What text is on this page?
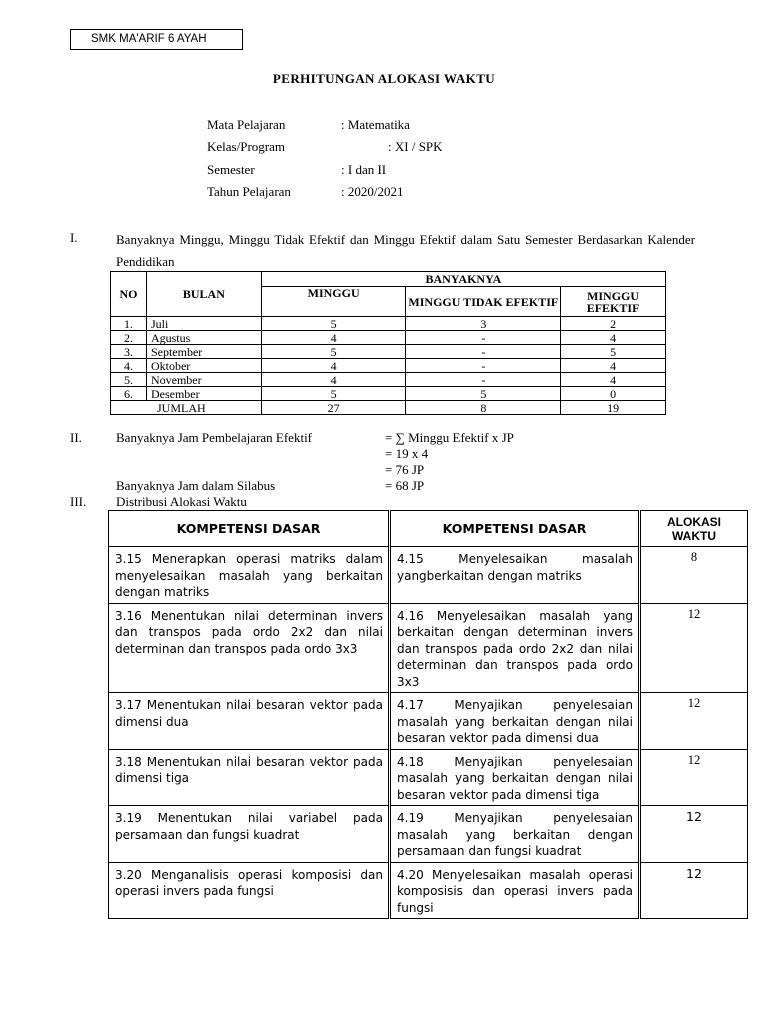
SMK MA'ARIF 6 AYAH
PERHITUNGAN ALOKASI WAKTU
Mata Pelajaran	: Matematika
Kelas/Program	: XI / SPK
Semester	: I dan II
Tahun Pelajaran	: 2020/2021
I.	Banyaknya Minggu, Minggu Tidak Efektif dan Minggu Efektif dalam Satu Semester Berdasarkan Kalender Pendidikan
NO	BULAN	BANYAKNYA		
		MINGGU	MINGGU TIDAK EFEKTIF	MINGGU EFEKTIF
1.	Juli	5	3	2
2.	Agustus	4	-	4
3.	September	5	-	5
4.	Oktober	4	-	4
5.	November	4	-	4
6.	Desember	5	5	0
JUMLAH		27	8	19
II.	Banyaknya Jam Pembelajaran Efektif	= ∑ Minggu Efektif x JP
= 19 x 4
= 76 JP
Banyaknya Jam dalam Silabus	= 68 JP
III. Distribusi Alokasi Waktu
KOMPETENSI DASAR	KOMPETENSI DASAR	ALOKASI WAKTU
3.15 Menerapkan operasi matriks dalam menyelesaikan masalah yang berkaitan dengan matriks	4.15 Menyelesaikan masalah yangberkaitan dengan matriks	8
3.16 Menentukan nilai determinan invers dan transpos pada ordo 2x2 dan nilai determinan dan transpos pada ordo 3x3	4.16 Menyelesaikan masalah yang berkaitan dengan determinan invers dan transpos pada ordo 2x2 dan nilai determinan dan transpos pada ordo 3x3	12
3.17 Menentukan nilai besaran vektor pada dimensi dua	4.17 Menyajikan penyelesaian masalah yang berkaitan dengan nilai besaran vektor pada dimensi dua	12
3.18 Menentukan nilai besaran vektor pada dimensi tiga	4.18 Menyajikan penyelesaian masalah yang berkaitan dengan nilai besaran vektor pada dimensi tiga	12
3.19 Menentukan nilai variabel pada persamaan dan fungsi kuadrat	4.19 Menyajikan penyelesaian masalah yang berkaitan dengan persamaan dan fungsi kuadrat	12
3.20 Menganalisis operasi komposisi dan operasi invers pada fungsi	4.20 Menyelesaikan masalah operasi komposisis dan operasi invers pada fungsi	12
